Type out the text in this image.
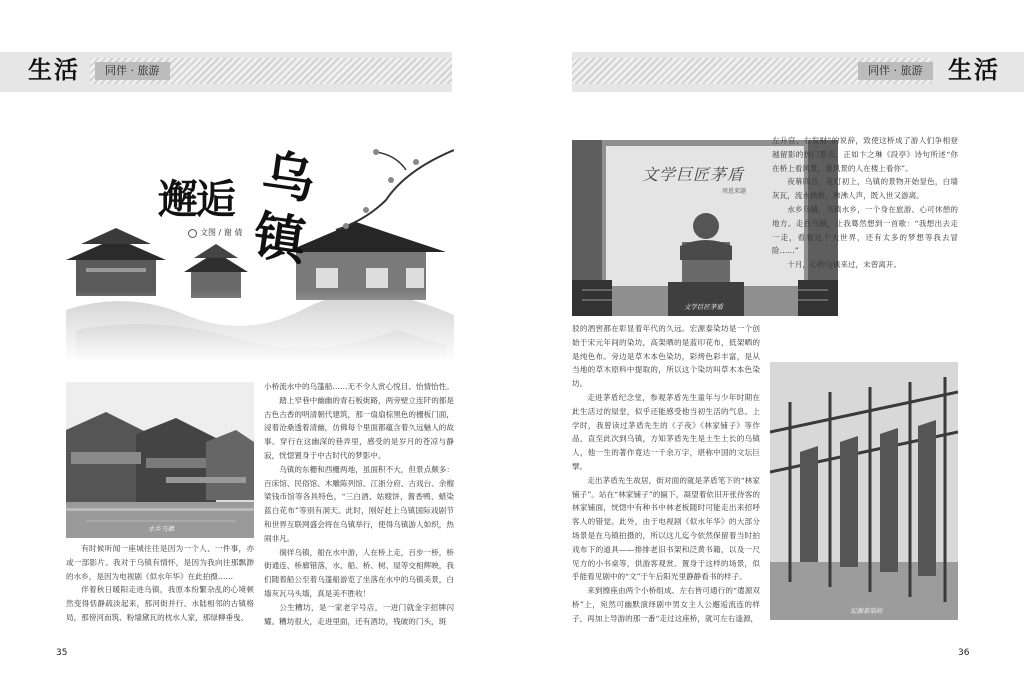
生活	同伴 · 旅游	同伴 · 旅游	生活
邂逅 乌镇
文图 / 谢 倩
水乡乌镇

有时候听闻一座城往往是因为一个人、一件事，亦或一部影片。我对于乌镇有情怀，是因为我向往那飘渺的水乡，是因为电视剧《似水年华》在此拍摄……

伴着秋日暖阳走进乌镇，我原本纷繁杂乱的心境顿然变得恬静疏淡起来，那河街并行、水陆相邻的古镇格局，那傍河而筑、粉墙黛瓦的枕水人家，那绿柳垂曳、

小桥流水中的乌篷船……无不令人赏心悦目、怡情怡性。

踏上窄巷中幽幽的青石板街路，两旁壁立连阡的都是古色古香的明清朝代建筑，那一扇扇棕黑色的栅板门面，浸着沧桑透着清幽，仿佛每个里面都蕴含着久远魅人的故事。穿行在这幽深的巷弄里，感受的是岁月的苍凉与静寂，恍惚置身于中古时代的梦影中。

乌镇的东栅和西栅两地，虽面积不大，但景点颇多：百床馆、民俗馆、木雕陈列馆、江浙分府、古戏台、余榴梁钱币馆等各具特色，“三白酒、姑嫂饼、酱香鸭、蜡染蓝白花布”等别有洞天。此时，刚好赶上乌镇国际戏剧节和世界互联网盛会将在乌镇举行，使得乌镇游人如织，热闹非凡。

徜徉乌镇，船在水中游，人在桥上走，百步一桥，桥街通连、桥廊错落，水、船、桥、树、屋等交相辉映，我们随着船公至着乌篷船游览了坐落在水中的乌镇美景，白墙灰瓦马头墙，真是美不胜收！

公生糟坊，是一家老字号店，一进门就金字招牌闪耀。糟坊很大，走进里面，还有酒坊，残破的门头，斑

文学巨匠茅盾
周恩来题
文学巨匠茅盾

驳的酒窖都在彰显着年代的久远。宏源泰染坊是一个创始于宋元年间的染坊，高架晒的是蓝印花布，低架晒的是纯色布。旁边是草木本色染坊，彩烤色彩丰富，是从当地的草木原料中提取的，所以这个染坊叫草木本色染坊。

走进茅盾纪念堂，参观茅盾先生童年与少年时期在此生活过的屋堂，似乎还能感受他当初生活的气息。上学时，我曾读过茅盾先生的《子夜》《林家铺子》等作品，直至此次到乌镇，方知茅盾先生是土生土长的乌镇人，他一生的著作竟达一千余万字，堪称中国的文坛巨擘。

走出茅盾先生故居，街对面的就是茅盾笔下的“林家铺子”。站在“林家铺子”的匾下，凝望着依旧开张待客的林家铺面，恍惚中有种书中林老板随时可能走出来招呼客人的错觉。此外，由于电视剧《似水年华》的大部分场景是在乌镇拍摄的，所以这儿迄今依然保留着当时拍戏布下的道具——排排老旧书架和泛黄书籍，以及一尺见方的小书桌等，供游客观赏。置身于这样的场景，似乎能看见剧中的“文”于午后阳光里静静看书的样子。

来到擦座由两个小桥组成、左右皆可通行的“遣源双桥”上，宛然可幽默演绎剧中男女主人公邂逅流连的样子，再加上导游的那一番“走过这座桥，就可左右逢源，

左升官、右发财”的说辞，致使这桥成了游人们争相登越留影的热门景点，正如卞之琳《段亭》诗句所述“你在桥上看风景，看风景的人在楼上看你”。

夜幕四合，花灯初上，乌镇的景物开始显色，白墙灰瓦，流水拱桥，沸沸人声，既入世又游离。

水乡乌镇，乌镇水乡，一个身在旅游、心可休憩的地方。走在乌镇，让我蓦然想到一首歌：“我想出去走一走，看看这个大世界，还有太多的梦想等我去冒险……”

十月，心的乌镇来过，未曾离开。

宏源泰染坊
35	36
